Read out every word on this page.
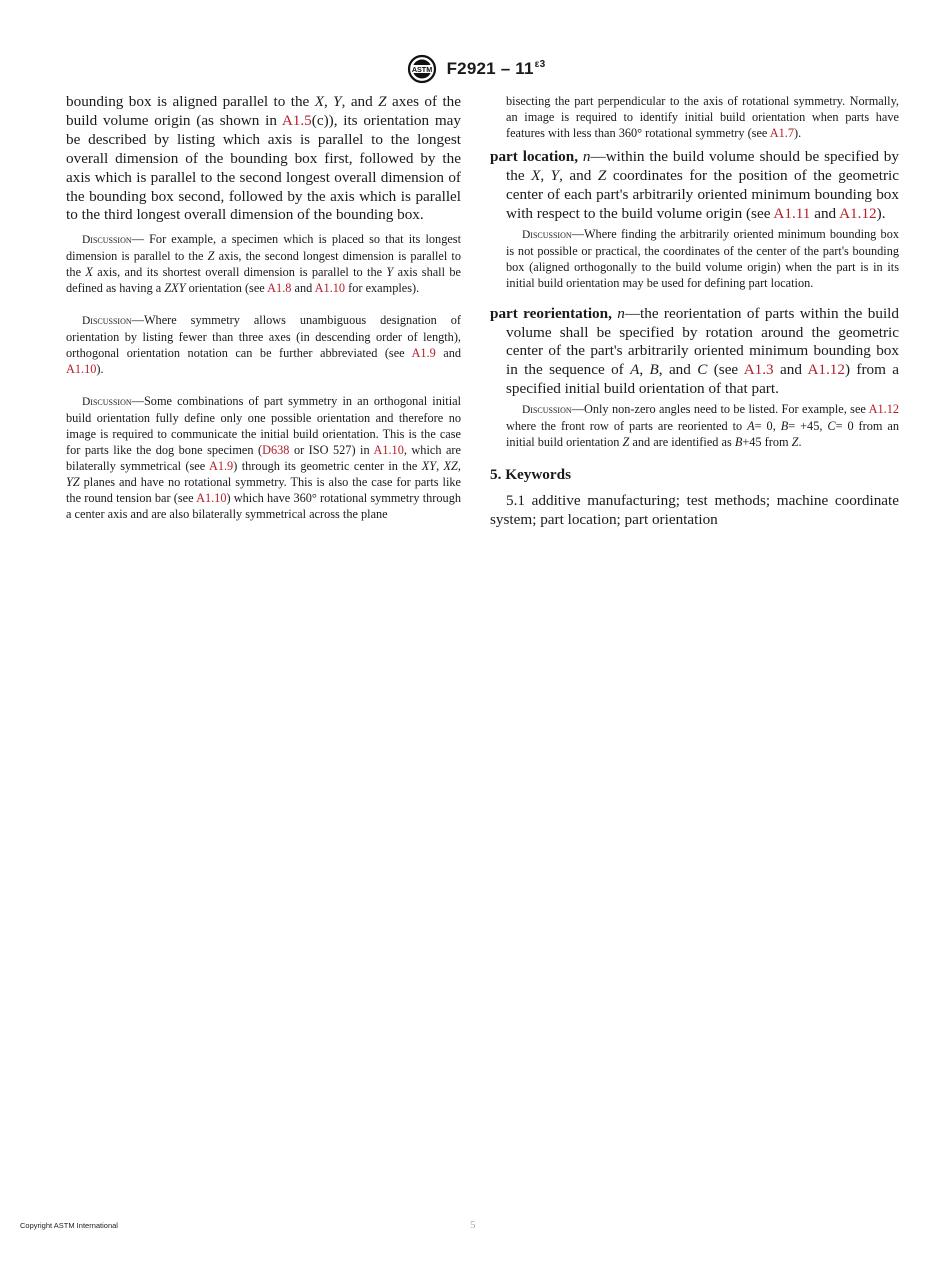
ASTM $F2921 - 11^{\varepsilon 3}$

bounding box is aligned parallel to the X, Y, and Z axes of the build volume origin (as shown in A1.5(c)), its orientation may be described by listing which axis is parallel to the longest overall dimension of the bounding box first, followed by the axis which is parallel to the second longest overall dimension of the bounding box second, followed by the axis which is parallel to the third longest overall dimension of the bounding box.

Discussion— For example, a specimen which is placed so that its longest dimension is parallel to the Z axis, the second longest dimension is parallel to the X axis, and its shortest overall dimension is parallel to the Y axis shall be defined as having a ZXY orientation (see A1.8 and A1.10 for examples).

Discussion—Where symmetry allows unambiguous designation of orientation by listing fewer than three axes (in descending order of length), orthogonal orientation notation can be further abbreviated (see A1.9 and A1.10).

Discussion—Some combinations of part symmetry in an orthogonal initial build orientation fully define only one possible orientation and therefore no image is required to communicate the initial build orientation. This is the case for parts like the dog bone specimen (D638 or ISO 527) in A1.10, which are bilaterally symmetrical (see A1.9) through its geometric center in the XY, XZ, YZ planes and have no rotational symmetry. This is also the case for parts like the round tension bar (see A1.10) which have 360° rotational symmetry through a center axis and are also bilaterally symmetrical across the plane

bisecting the part perpendicular to the axis of rotational symmetry. Normally, an image is required to identify initial build orientation when parts have features with less than 360° rotational symmetry (see A1.7).

part location, n—within the build volume should be specified by the X, Y, and Z coordinates for the position of the geometric center of each part's arbitrarily oriented minimum bounding box with respect to the build volume origin (see A1.11 and A1.12).

Discussion—Where finding the arbitrarily oriented minimum bounding box is not possible or practical, the coordinates of the center of the part's bounding box (aligned orthogonally to the build volume origin) when the part is in its initial build orientation may be used for defining part location.

part reorientation, n—the reorientation of parts within the build volume shall be specified by rotation around the geometric center of the part's arbitrarily oriented minimum bounding box in the sequence of A, B, and C (see A1.3 and A1.12) from a specified initial build orientation of that part.

Discussion—Only non-zero angles need to be listed. For example, see A1.12 where the front row of parts are reoriented to A= 0, B= +45, C= 0 from an initial build orientation Z and are identified as B+45 from Z.

5. Keywords

5.1 additive manufacturing; test methods; machine coordinate system; part location; part orientation

Copyright ASTM International	5
